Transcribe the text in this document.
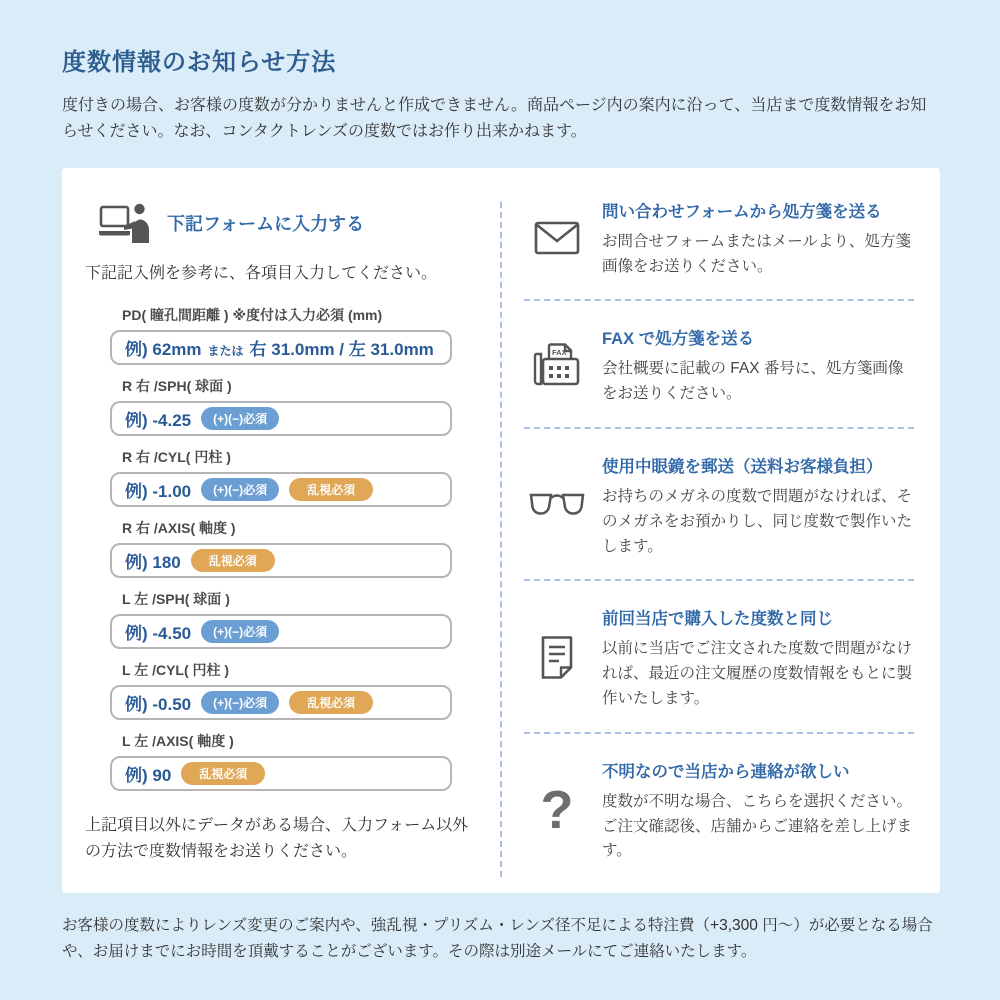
度数情報のお知らせ方法

度付きの場合、お客様の度数が分かりませんと作成できません。商品ページ内の案内に沿って、当店まで度数情報をお知らせください。なお、コンタクトレンズの度数ではお作り出来かねます。

下記フォームに入力する

下記記入例を参考に、各項目入力してください。

PD( 瞳孔間距離 ) ※度付は入力必須 (mm)
例) 62mm または 右 31.0mm / 左 31.0mm
R 右 /SPH( 球面 )
例) -4.25	(+)(−)必須
R 右 /CYL( 円柱 )
例) -1.00	(+)(−)必須	乱視必須
R 右 /AXIS( 軸度 )
例) 180	乱視必須
L 左 /SPH( 球面 )
例) -4.50	(+)(−)必須
L 左 /CYL( 円柱 )
例) -0.50	(+)(−)必須	乱視必須
L 左 /AXIS( 軸度 )
例) 90	乱視必須

上記項目以外にデータがある場合、入力フォーム以外の方法で度数情報をお送りください。

問い合わせフォームから処方箋を送る
お問合せフォームまたはメールより、処方箋画像をお送りください。
FAX
FAX で処方箋を送る
会社概要に記載の FAX 番号に、処方箋画像をお送りください。
使用中眼鏡を郵送（送料お客様負担）
お持ちのメガネの度数で問題がなければ、そのメガネをお預かりし、同じ度数で製作いたします。
前回当店で購入した度数と同じ
以前に当店でご注文された度数で問題がなければ、最近の注文履歴の度数情報をもとに製作いたします。
?
不明なので当店から連絡が欲しい
度数が不明な場合、こちらを選択ください。ご注文確認後、店舗からご連絡を差し上げます。

お客様の度数によりレンズ変更のご案内や、強乱視・プリズム・レンズ径不足による特注費（+3,300 円〜）が必要となる場合や、お届けまでにお時間を頂戴することがございます。その際は別途メールにてご連絡いたします。
